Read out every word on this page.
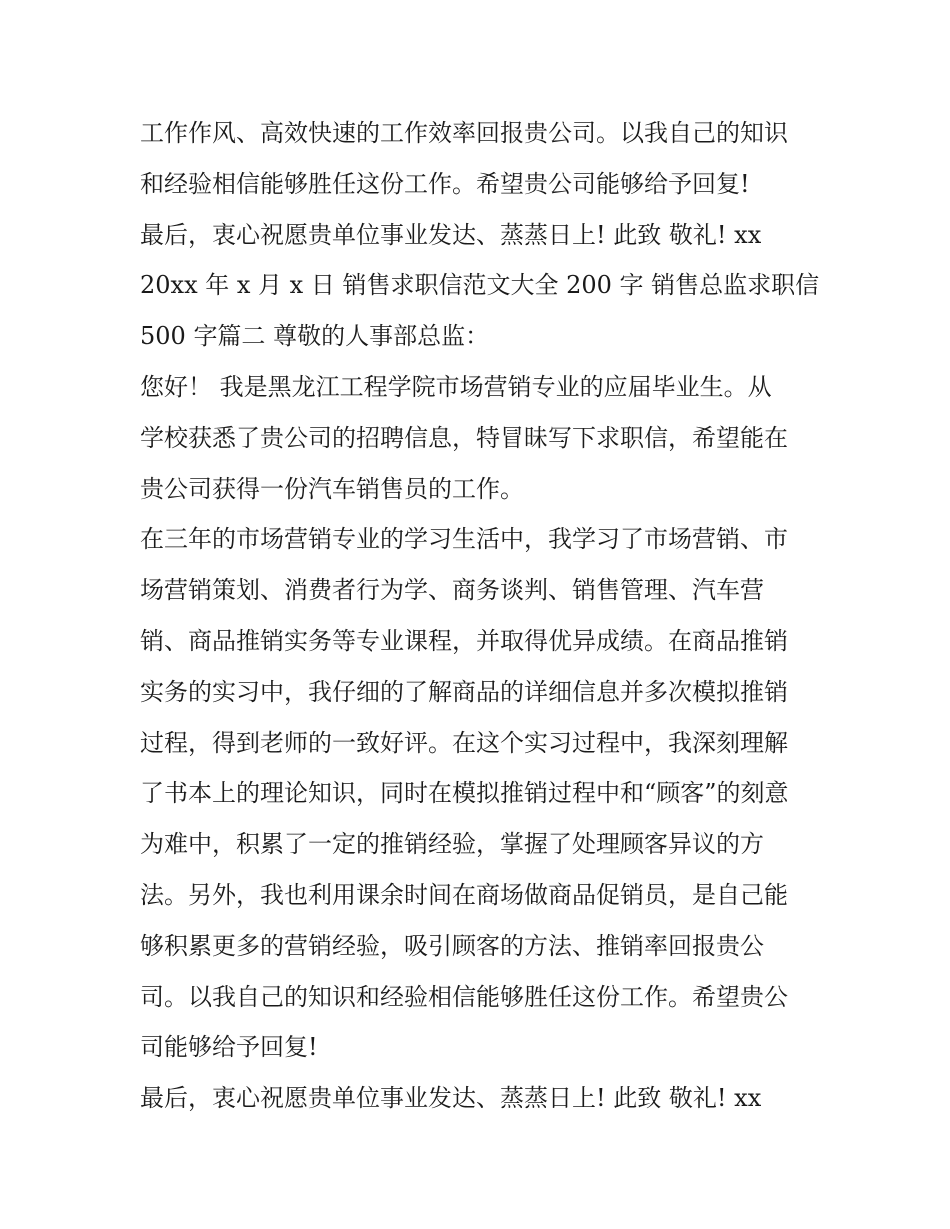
工作作风、高效快速的工作效率回报贵公司。以我自己的知识
和经验相信能够胜任这份工作。希望贵公司能够给予回复!
最后，衷心祝愿贵单位事业发达、蒸蒸日上! 此致 敬礼! xx
20xx 年 x 月 x 日 销售求职信范文大全 200 字 销售总监求职信
500 字篇二 尊敬的人事部总监：
您好！ 我是黑龙江工程学院市场营销专业的应届毕业生。从
学校获悉了贵公司的招聘信息，特冒昧写下求职信，希望能在
贵公司获得一份汽车销售员的工作。
在三年的市场营销专业的学习生活中，我学习了市场营销、市
场营销策划、消费者行为学、商务谈判、销售管理、汽车营
销、商品推销实务等专业课程，并取得优异成绩。在商品推销
实务的实习中，我仔细的了解商品的详细信息并多次模拟推销
过程，得到老师的一致好评。在这个实习过程中，我深刻理解
了书本上的理论知识，同时在模拟推销过程中和“顾客”的刻意
为难中，积累了一定的推销经验，掌握了处理顾客异议的方
法。另外，我也利用课余时间在商场做商品促销员，是自己能
够积累更多的营销经验，吸引顾客的方法、推销率回报贵公
司。以我自己的知识和经验相信能够胜任这份工作。希望贵公
司能够给予回复!
最后，衷心祝愿贵单位事业发达、蒸蒸日上! 此致 敬礼! xx
